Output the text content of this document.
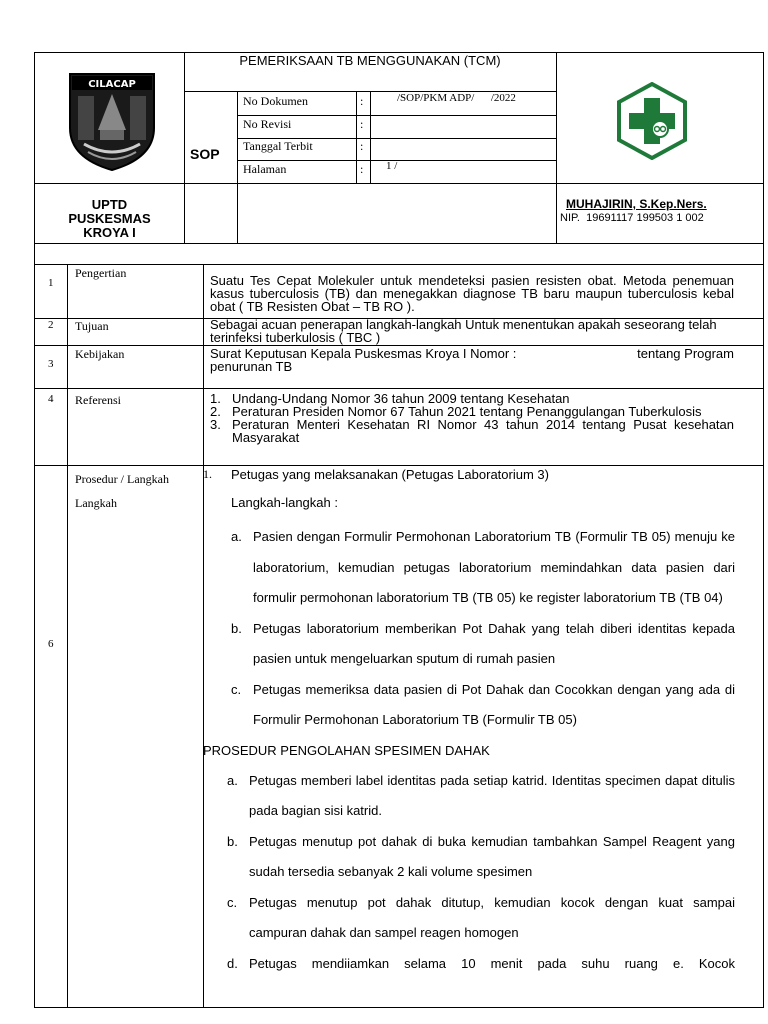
CILACAP
PEMERIKSAAN TB MENGGUNAKAN (TCM)
SOP
No Dokumen	:	/SOP/PKM ADP/      /2022
No Revisi	:
Tanggal Terbit	:
Halaman	: 1 /
UPTD
PUSKESMAS
KROYA I
MUHAJIRIN, S.Kep.Ners.
NIP.  19691117 199503 1 002
1
Pengertian	Suatu Tes Cepat Molekuler untuk mendeteksi pasien resisten obat. Metoda penemuan kasus tuberculosis (TB) dan menegakkan diagnose TB baru maupun tuberculosis kebal obat ( TB Resisten Obat – TB RO ).
2 Tujuan	Sebagai acuan penerapan langkah-langkah Untuk menentukan apakah seseorang telah terinfeksi tuberkulosis ( TBC )
3
Kebijakan	Surat Keputusan Kepala Puskesmas Kroya I Nomor :	tentang Program
penurunan TB
4 Referensi	1. Undang-Undang Nomor 36 tahun 2009 tentang Kesehatan
2. Peraturan Presiden Nomor 67 Tahun 2021 tentang Penanggulangan Tuberkulosis
3. Peraturan Menteri Kesehatan RI Nomor 43 tahun 2014 tentang Pusat kesehatan Masyarakat
6
Prosedur / Langkah
Langkah
1.	Petugas yang melaksanakan (Petugas Laboratorium 3)
Langkah-langkah :
a. Pasien dengan Formulir Permohonan Laboratorium TB (Formulir TB 05) menuju ke laboratorium, kemudian petugas laboratorium memindahkan data pasien dari formulir permohonan laboratorium TB (TB 05) ke register laboratorium TB (TB 04)
b. Petugas laboratorium memberikan Pot Dahak yang telah diberi identitas kepada pasien untuk mengeluarkan sputum di rumah pasien
c. Petugas memeriksa data pasien di Pot Dahak dan Cocokkan dengan yang ada di Formulir Permohonan Laboratorium TB (Formulir TB 05)
PROSEDUR PENGOLAHAN SPESIMEN DAHAK
a. Petugas memberi label identitas pada setiap katrid. Identitas specimen dapat ditulis pada bagian sisi katrid.
b. Petugas menutup pot dahak di buka kemudian tambahkan Sampel Reagent yang sudah tersedia sebanyak 2 kali volume spesimen
c. Petugas menutup pot dahak ditutup, kemudian kocok dengan kuat sampai campuran dahak dan sampel reagen homogen
d. Petugas mendiiamkan selama 10 menit pada suhu ruang e. Kocok
